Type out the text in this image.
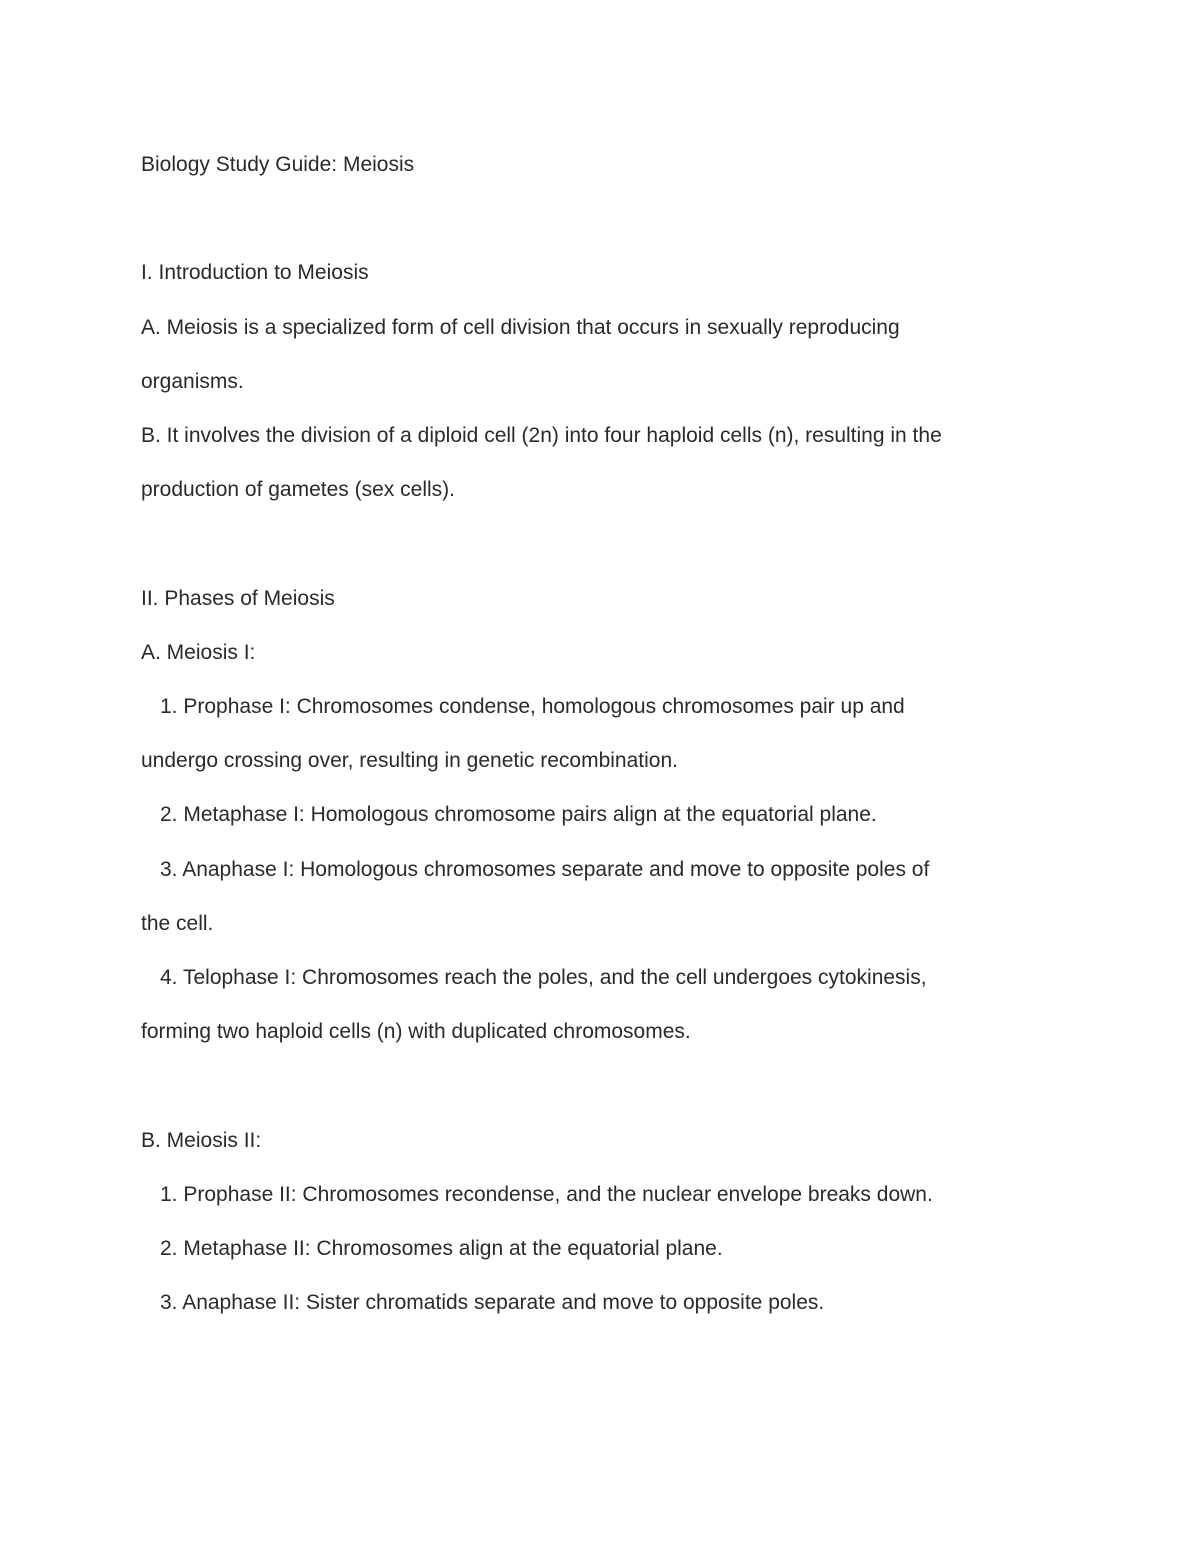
Biology Study Guide: Meiosis
I. Introduction to Meiosis
A. Meiosis is a specialized form of cell division that occurs in sexually reproducing
organisms.
B. It involves the division of a diploid cell (2n) into four haploid cells (n), resulting in the
production of gametes (sex cells).
II. Phases of Meiosis
A. Meiosis I:
1. Prophase I: Chromosomes condense, homologous chromosomes pair up and
undergo crossing over, resulting in genetic recombination.
2. Metaphase I: Homologous chromosome pairs align at the equatorial plane.
3. Anaphase I: Homologous chromosomes separate and move to opposite poles of
the cell.
4. Telophase I: Chromosomes reach the poles, and the cell undergoes cytokinesis,
forming two haploid cells (n) with duplicated chromosomes.
B. Meiosis II:
1. Prophase II: Chromosomes recondense, and the nuclear envelope breaks down.
2. Metaphase II: Chromosomes align at the equatorial plane.
3. Anaphase II: Sister chromatids separate and move to opposite poles.
